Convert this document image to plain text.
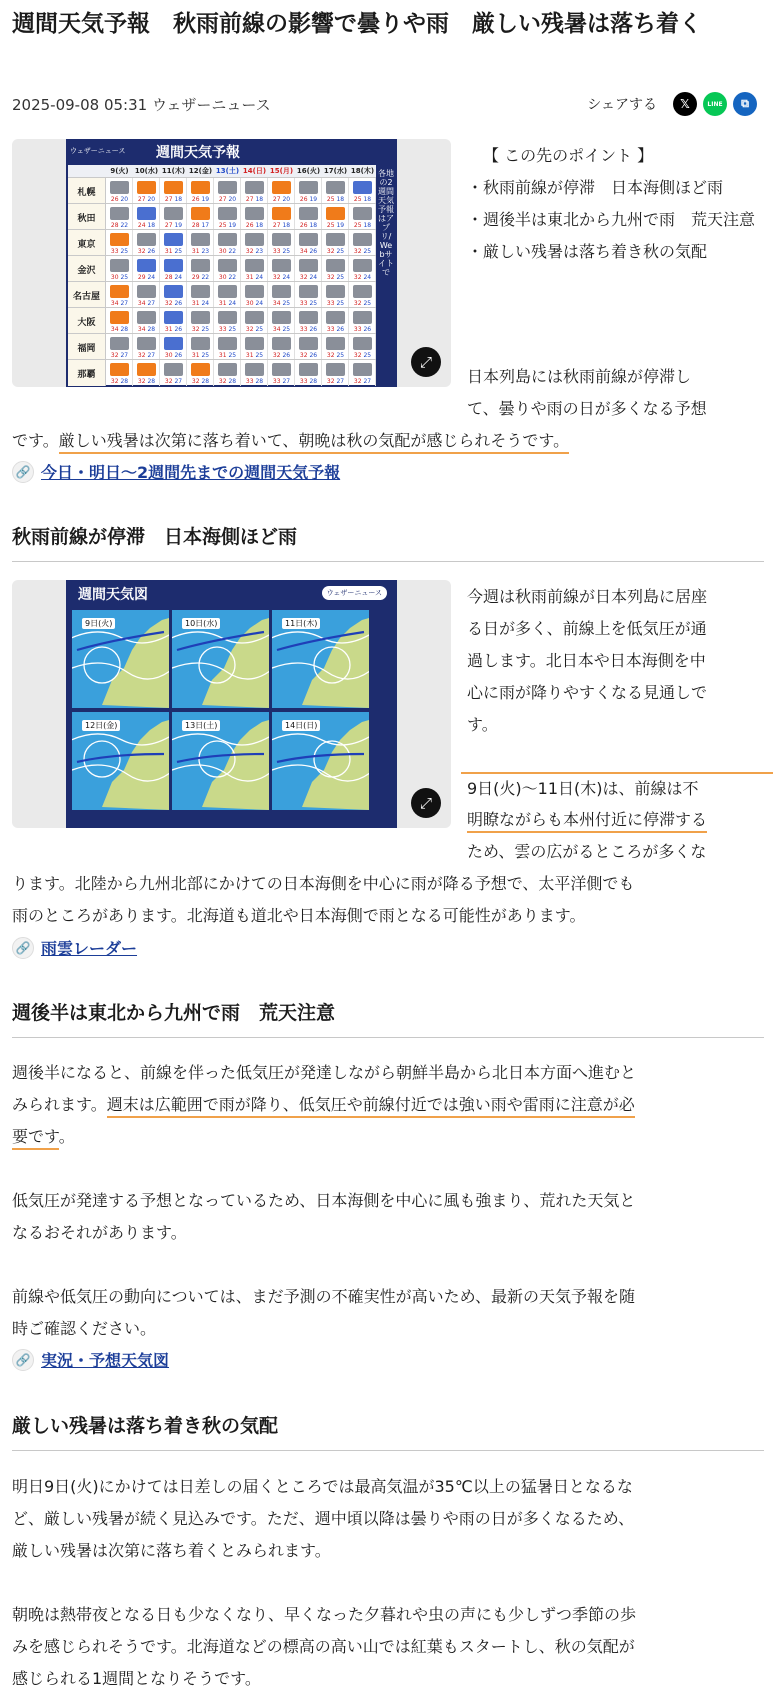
週間天気予報　秋雨前線の影響で曇りや雨　厳しい残暑は落ち着く
2025-09-08 05:31 ウェザーニュース	シェアする	𝕏	LINE	⧉
ウェザーニュース 週間天気予報
9(火) 10(水) 11(木) 12(金) 13(土) 14(日) 15(月) 16(火) 17(水) 18(木)
札幌
26 20	27 20	27 18	26 19	27 20	27 18	27 20	26 19	25 18	25 18
秋田
28 22	24 18	27 19	28 17	25 19	26 18	27 18	26 18	25 19	25 18
東京
33 25	32 26	31 25	31 23	30 22	32 23	33 25	34 26	32 25	32 25
金沢
30 25	29 24	28 24	29 22	30 22	31 24	32 24	32 24	32 25	32 24
名古屋
34 27	34 27	32 26	31 24	31 24	30 24	34 25	33 25	33 25	32 25
大阪
34 28	34 28	31 26	32 25	33 25	32 25	34 25	33 26	33 26	33 26
福岡
32 27	32 27	30 26	31 25	31 25	31 25	32 26	32 26	32 25	32 25
那覇
32 28	32 28	32 27	32 28	32 28	33 28	33 27	33 28	32 27	32 27
各地の2週間天気予報はアプリ/Webサイトで
⤢
【 この先のポイント 】
・秋雨前線が停滞　日本海側ほど雨
・週後半は東北から九州で雨　荒天注意
・厳しい残暑は落ち着き秋の気配
日本列島には秋雨前線が停滞し
て、曇りや雨の日が多くなる予想
です。厳しい残暑は次第に落ち着いて、朝晩は秋の気配が感じられそうです。
🔗 今日・明日〜2週間先までの週間天気予報
秋雨前線が停滞　日本海側ほど雨
週間天気図	ウェザーニュース
9日(火)	10日(水)	11日(木)
12日(金)	13日(土)	14日(日)
⤢
今週は秋雨前線が日本列島に居座
る日が多く、前線上を低気圧が通
過します。北日本や日本海側を中
心に雨が降りやすくなる見通しで
す。
9日(火)〜11日(木)は、前線は不
明瞭ながらも本州付近に停滞する
ため、雲の広がるところが多くな
ります。北陸から九州北部にかけての日本海側を中心に雨が降る予想で、太平洋側でも
雨のところがあります。北海道も道北や日本海側で雨となる可能性があります。
🔗 雨雲レーダー
週後半は東北から九州で雨　荒天注意
週後半になると、前線を伴った低気圧が発達しながら朝鮮半島から北日本方面へ進むと
みられます。週末は広範囲で雨が降り、低気圧や前線付近では強い雨や雷雨に注意が必
要です。
低気圧が発達する予想となっているため、日本海側を中心に風も強まり、荒れた天気と
なるおそれがあります。
前線や低気圧の動向については、まだ予測の不確実性が高いため、最新の天気予報を随
時ご確認ください。
🔗 実況・予想天気図
厳しい残暑は落ち着き秋の気配
明日9日(火)にかけては日差しの届くところでは最高気温が35℃以上の猛暑日となるな
ど、厳しい残暑が続く見込みです。ただ、週中頃以降は曇りや雨の日が多くなるため、
厳しい残暑は次第に落ち着くとみられます。
朝晩は熱帯夜となる日も少なくなり、早くなった夕暮れや虫の声にも少しずつ季節の歩
みを感じられそうです。北海道などの標高の高い山では紅葉もスタートし、秋の気配が
感じられる1週間となりそうです。
